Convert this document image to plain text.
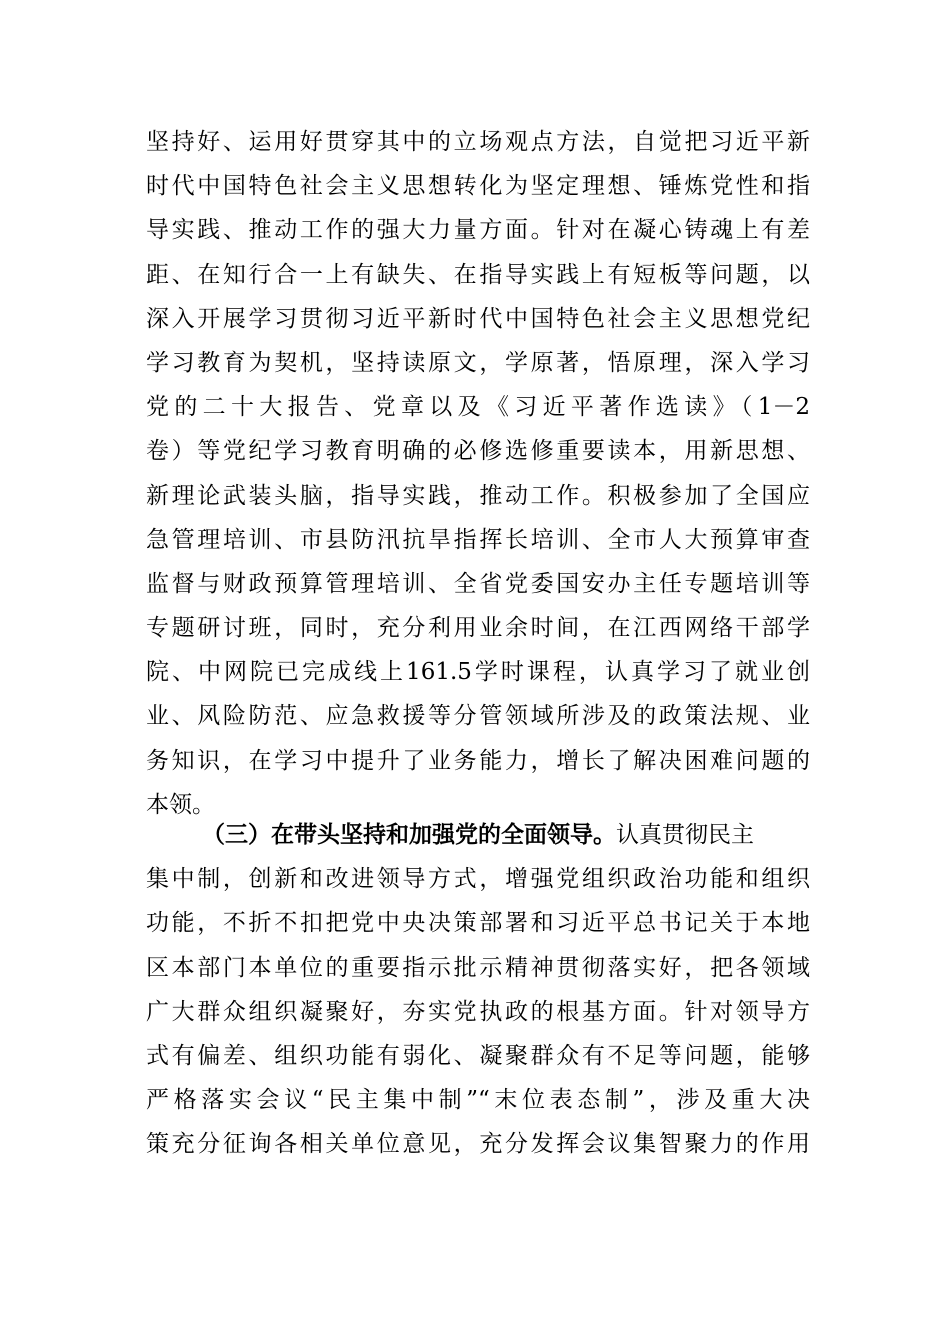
坚持好、运用好贯穿其中的立场观点方法，自觉把习近平新
时代中国特色社会主义思想转化为坚定理想、锤炼党性和指
导实践、推动工作的强大力量方面。针对在凝心铸魂上有差
距、在知行合一上有缺失、在指导实践上有短板等问题，以
深入开展学习贯彻习近平新时代中国特色社会主义思想党纪
学习教育为契机，坚持读原文，学原著，悟原理，深入学习
党的二十大报告、党章以及《习近平著作选读》（1－2
卷）等党纪学习教育明确的必修选修重要读本，用新思想、
新理论武装头脑，指导实践，推动工作。积极参加了全国应
急管理培训、市县防汛抗旱指挥长培训、全市人大预算审查
监督与财政预算管理培训、全省党委国安办主任专题培训等
专题研讨班，同时，充分利用业余时间，在江西网络干部学
院、中网院已完成线上161.5学时课程，认真学习了就业创
业、风险防范、应急救援等分管领域所涉及的政策法规、业
务知识，在学习中提升了业务能力，增长了解决困难问题的
本领。
（三）在带头坚持和加强党的全面领导。认真贯彻民主
集中制，创新和改进领导方式，增强党组织政治功能和组织
功能，不折不扣把党中央决策部署和习近平总书记关于本地
区本部门本单位的重要指示批示精神贯彻落实好，把各领域
广大群众组织凝聚好，夯实党执政的根基方面。针对领导方
式有偏差、组织功能有弱化、凝聚群众有不足等问题，能够
严格落实会议“民主集中制”“末位表态制”，涉及重大决
策充分征询各相关单位意见，充分发挥会议集智聚力的作用
